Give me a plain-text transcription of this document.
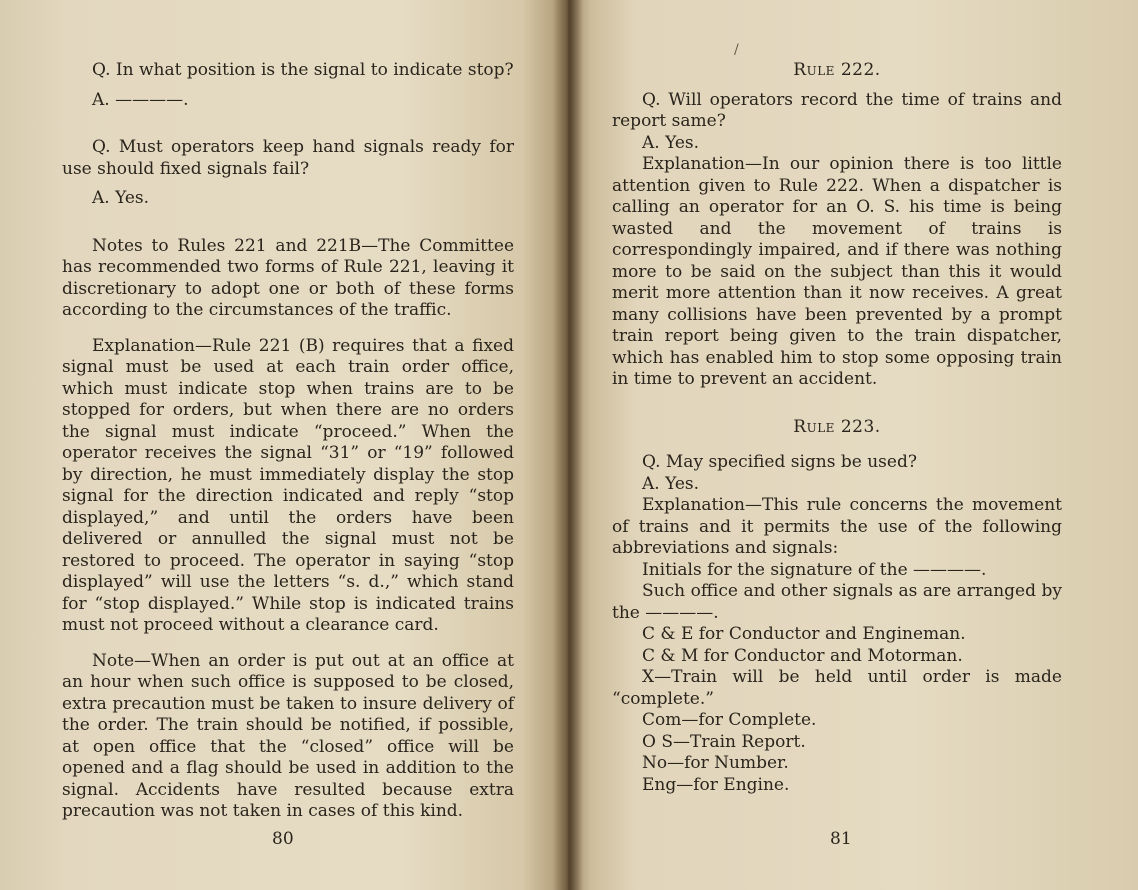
Q. In what position is the signal to indicate stop?

A. ————.

Q. Must operators keep hand signals ready for use should fixed signals fail?

A. Yes.

Notes to Rules 221 and 221B—The Committee has recommended two forms of Rule 221, leaving it discretionary to adopt one or both of these forms according to the circumstances of the traffic.

Explanation—Rule 221 (B) requires that a fixed signal must be used at each train order office, which must indicate stop when trains are to be stopped for orders, but when there are no orders the signal must indicate “proceed.” When the operator receives the signal “31” or “19” followed by direction, he must immediately display the stop signal for the direction indicated and reply “stop displayed,” and until the orders have been delivered or annulled the signal must not be restored to proceed. The operator in saying “stop displayed” will use the letters “s. d.,” which stand for “stop displayed.” While stop is indicated trains must not proceed without a clearance card.

Note—When an order is put out at an office at an hour when such office is supposed to be closed, extra precaution must be taken to insure delivery of the order. The train should be notified, if possible, at open office that the “closed” office will be opened and a flag should be used in addition to the signal. Accidents have resulted because extra precaution was not taken in cases of this kind.

80
/

Rule 222.

Q. Will operators record the time of trains and report same?

A. Yes.

Explanation—In our opinion there is too little attention given to Rule 222. When a dispatcher is calling an operator for an O. S. his time is being wasted and the movement of trains is correspondingly impaired, and if there was nothing more to be said on the subject than this it would merit more attention than it now receives. A great many collisions have been prevented by a prompt train report being given to the train dispatcher, which has enabled him to stop some opposing train in time to prevent an accident.

Rule 223.

Q. May specified signs be used?

A. Yes.

Explanation—This rule concerns the movement of trains and it permits the use of the following abbreviations and signals:

Initials for the signature of the ————.

Such office and other signals as are arranged by the ————.

C & E for Conductor and Engineman.

C & M for Conductor and Motorman.

X—Train will be held until order is made “complete.”

Com—for Complete.

O S—Train Report.

No—for Number.

Eng—for Engine.

81
